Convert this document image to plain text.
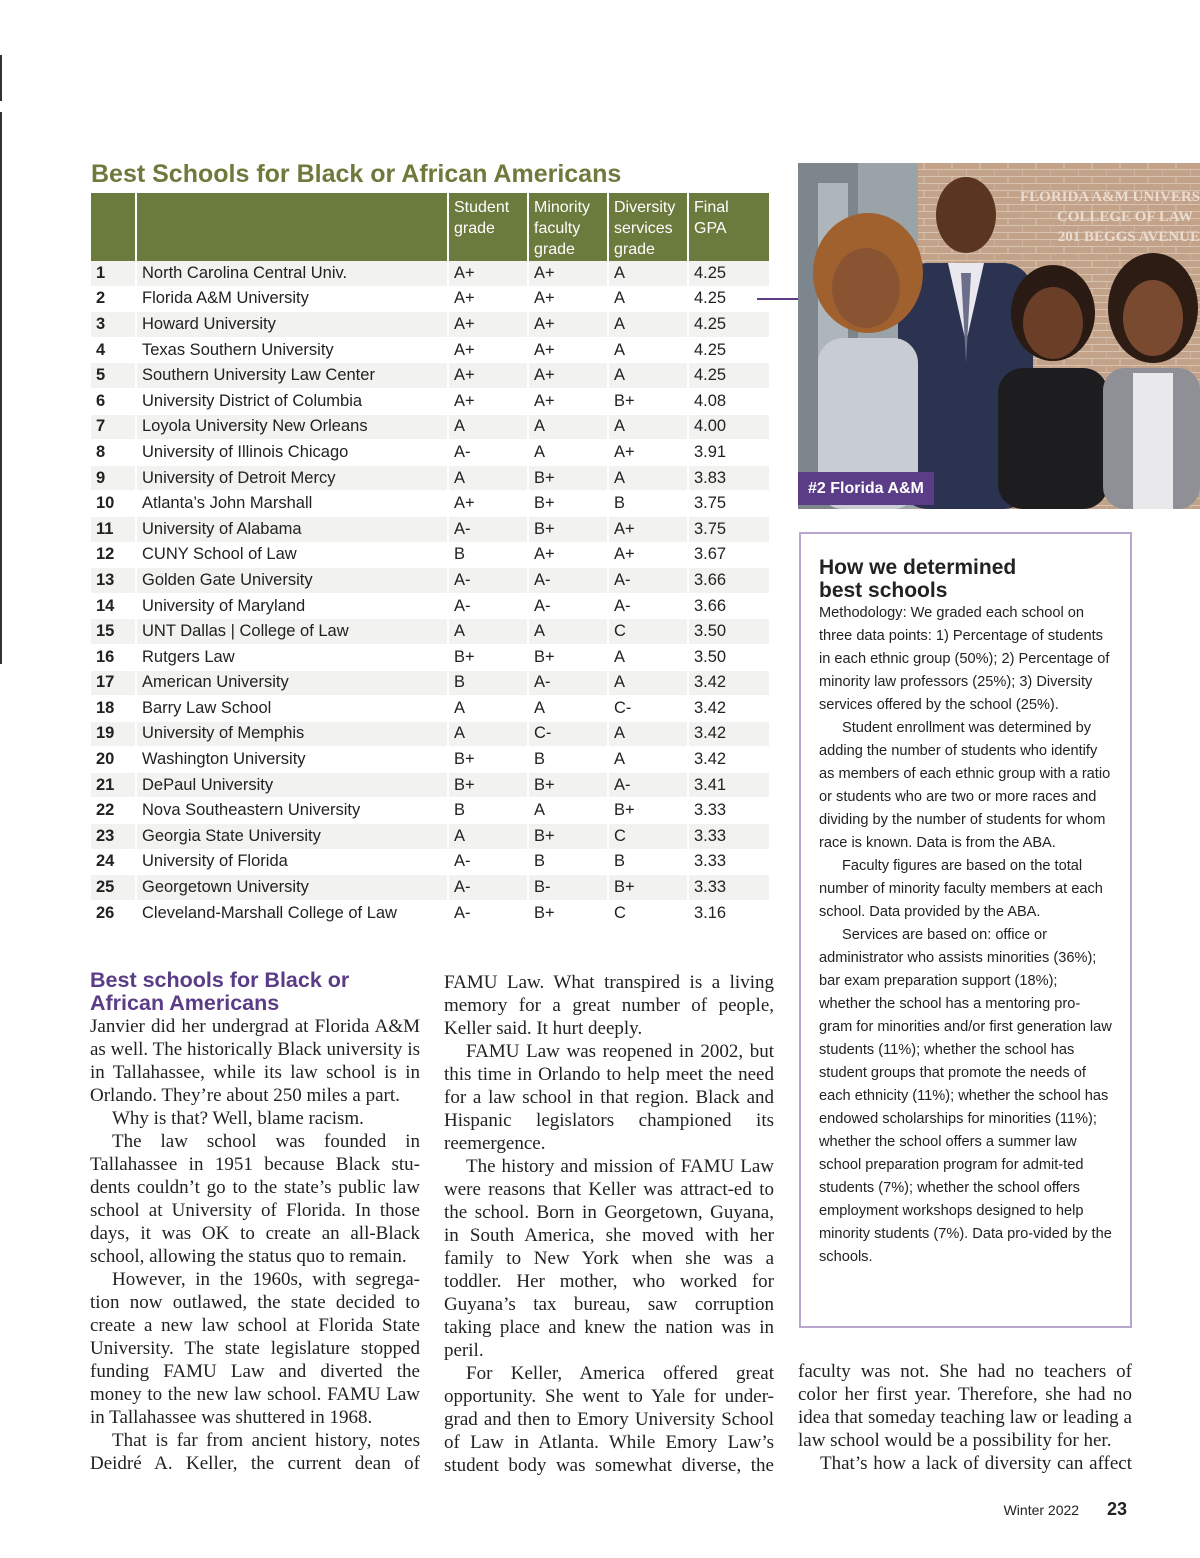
Best Schools for Black or African Americans
		Student grade	Minority faculty grade	Diversity services grade	Final GPA
1	North Carolina Central Univ.	A+	A+	A	4.25
2	Florida A&M University	A+	A+	A	4.25
3	Howard University	A+	A+	A	4.25
4	Texas Southern University	A+	A+	A	4.25
5	Southern University Law Center	A+	A+	A	4.25
6	University District of Columbia	A+	A+	B+	4.08
7	Loyola University New Orleans	A	A	A	4.00
8	University of Illinois Chicago	A-	A	A+	3.91
9	University of Detroit Mercy	A	B+	A	3.83
10	Atlanta’s John Marshall	A+	B+	B	3.75
11	University of Alabama	A-	B+	A+	3.75
12	CUNY School of Law	B	A+	A+	3.67
13	Golden Gate University	A-	A-	A-	3.66
14	University of Maryland	A-	A-	A-	3.66
15	UNT Dallas | College of Law	A	A	C	3.50
16	Rutgers Law	B+	B+	A	3.50
17	American University	B	A-	A	3.42
18	Barry Law School	A	A	C-	3.42
19	University of Memphis	A	C-	A	3.42
20	Washington University	B+	B	A	3.42
21	DePaul University	B+	B+	A-	3.41
22	Nova Southeastern University	B	A	B+	3.33
23	Georgia State University	A	B+	C	3.33
24	University of Florida	A-	B	B	3.33
25	Georgetown University	A-	B-	B+	3.33
26	Cleveland-Marshall College of Law	A-	B+	C	3.16
FLORIDA A&M UNIVERS
COLLEGE OF LAW
201 BEGGS AVENUE
#2 Florida A&M
How we determined
best schools

Methodology: We graded each school on three data points: 1) Percentage of students in each ethnic group (50%); 2) Percentage of minority law professors (25%); 3) Diversity services offered by the school (25%).

Student enrollment was determined by adding the number of students who identify as members of each ethnic group with a ratio or students who are two or more races and dividing by the number of students for whom race is known. Data is from the ABA.

Faculty figures are based on the total number of minority faculty members at each school. Data provided by the ABA.

Services are based on: office or administrator who assists minorities (36%); bar exam preparation support (18%); whether the school has a mentoring pro-gram for minorities and/or first generation law students (11%); whether the school has student groups that promote the needs of each ethnicity (11%); whether the school has endowed scholarships for minorities (11%); whether the school offers a summer law school preparation program for admit-ted students (7%); whether the school offers employment workshops designed to help minority students (7%). Data pro-vided by the schools.

Best schools for Black or African Americans

Janvier did her undergrad at Florida A&M as well. The historically Black university is in Tallahassee, while its law school is in Orlando. They’re about 250 miles a part.

Why is that? Well, blame racism.

The law school was founded in Tallahassee in 1951 because Black stu-dents couldn’t go to the state’s public law school at University of Florida. In those days, it was OK to create an all-Black school, allowing the status quo to remain.

However, in the 1960s, with segrega-tion now outlawed, the state decided to create a new law school at Florida State University. The state legislature stopped funding FAMU Law and diverted the money to the new law school. FAMU Law in Tallahassee was shuttered in 1968.

That is far from ancient history, notes Deidré A. Keller, the current dean of

FAMU Law. What transpired is a living memory for a great number of people, Keller said. It hurt deeply.

FAMU Law was reopened in 2002, but this time in Orlando to help meet the need for a law school in that region. Black and Hispanic legislators championed its reemergence.

The history and mission of FAMU Law were reasons that Keller was attract-ed to the school. Born in Georgetown, Guyana, in South America, she moved with her family to New York when she was a toddler. Her mother, who worked for Guyana’s tax bureau, saw corruption taking place and knew the nation was in peril.

For Keller, America offered great opportunity. She went to Yale for under-grad and then to Emory University School of Law in Atlanta. While Emory Law’s student body was somewhat diverse, the

faculty was not. She had no teachers of color her first year. Therefore, she had no idea that someday teaching law or leading a law school would be a possibility for her.

That’s how a lack of diversity can affect

Winter 2022 23
